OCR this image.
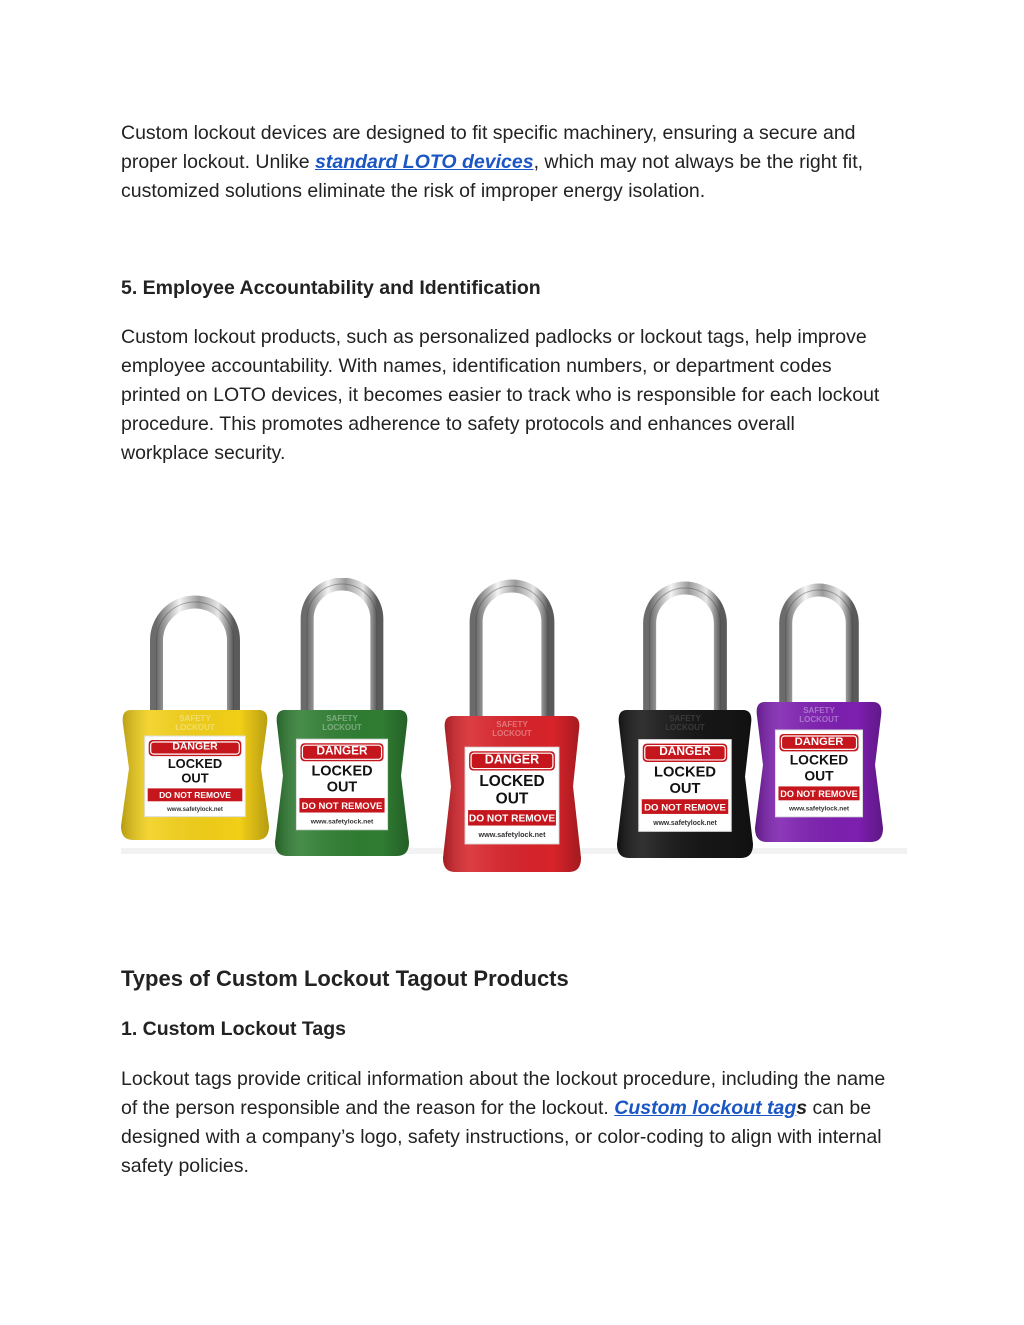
Custom lockout devices are designed to fit specific machinery, ensuring a secure and proper lockout. Unlike standard LOTO devices, which may not always be the right fit, customized solutions eliminate the risk of improper energy isolation.

5. Employee Accountability and Identification

Custom lockout products, such as personalized padlocks or lockout tags, help improve employee accountability. With names, identification numbers, or department codes printed on LOTO devices, it becomes easier to track who is responsible for each lockout procedure. This promotes adherence to safety protocols and enhances overall workplace security.

Types of Custom Lockout Tagout Products
1. Custom Lockout Tags

Lockout tags provide critical information about the lockout procedure, including the name of the person responsible and the reason for the lockout. Custom lockout tags can be designed with a company’s logo, safety instructions, or color-coding to align with internal safety policies.

SAFETY
LOCKOUT
DANGER
LOCKED
OUT
DO NOT REMOVE
www.safetylock.net
SAFETY
LOCKOUT
DANGER
LOCKED
OUT
DO NOT REMOVE
www.safetylock.net
SAFETY
LOCKOUT
DANGER
LOCKED
OUT
DO NOT REMOVE
www.safetylock.net
SAFETY
LOCKOUT
DANGER
LOCKED
OUT
DO NOT REMOVE
www.safetylock.net
SAFETY
LOCKOUT
DANGER
LOCKED
OUT
DO NOT REMOVE
www.safetylock.net
